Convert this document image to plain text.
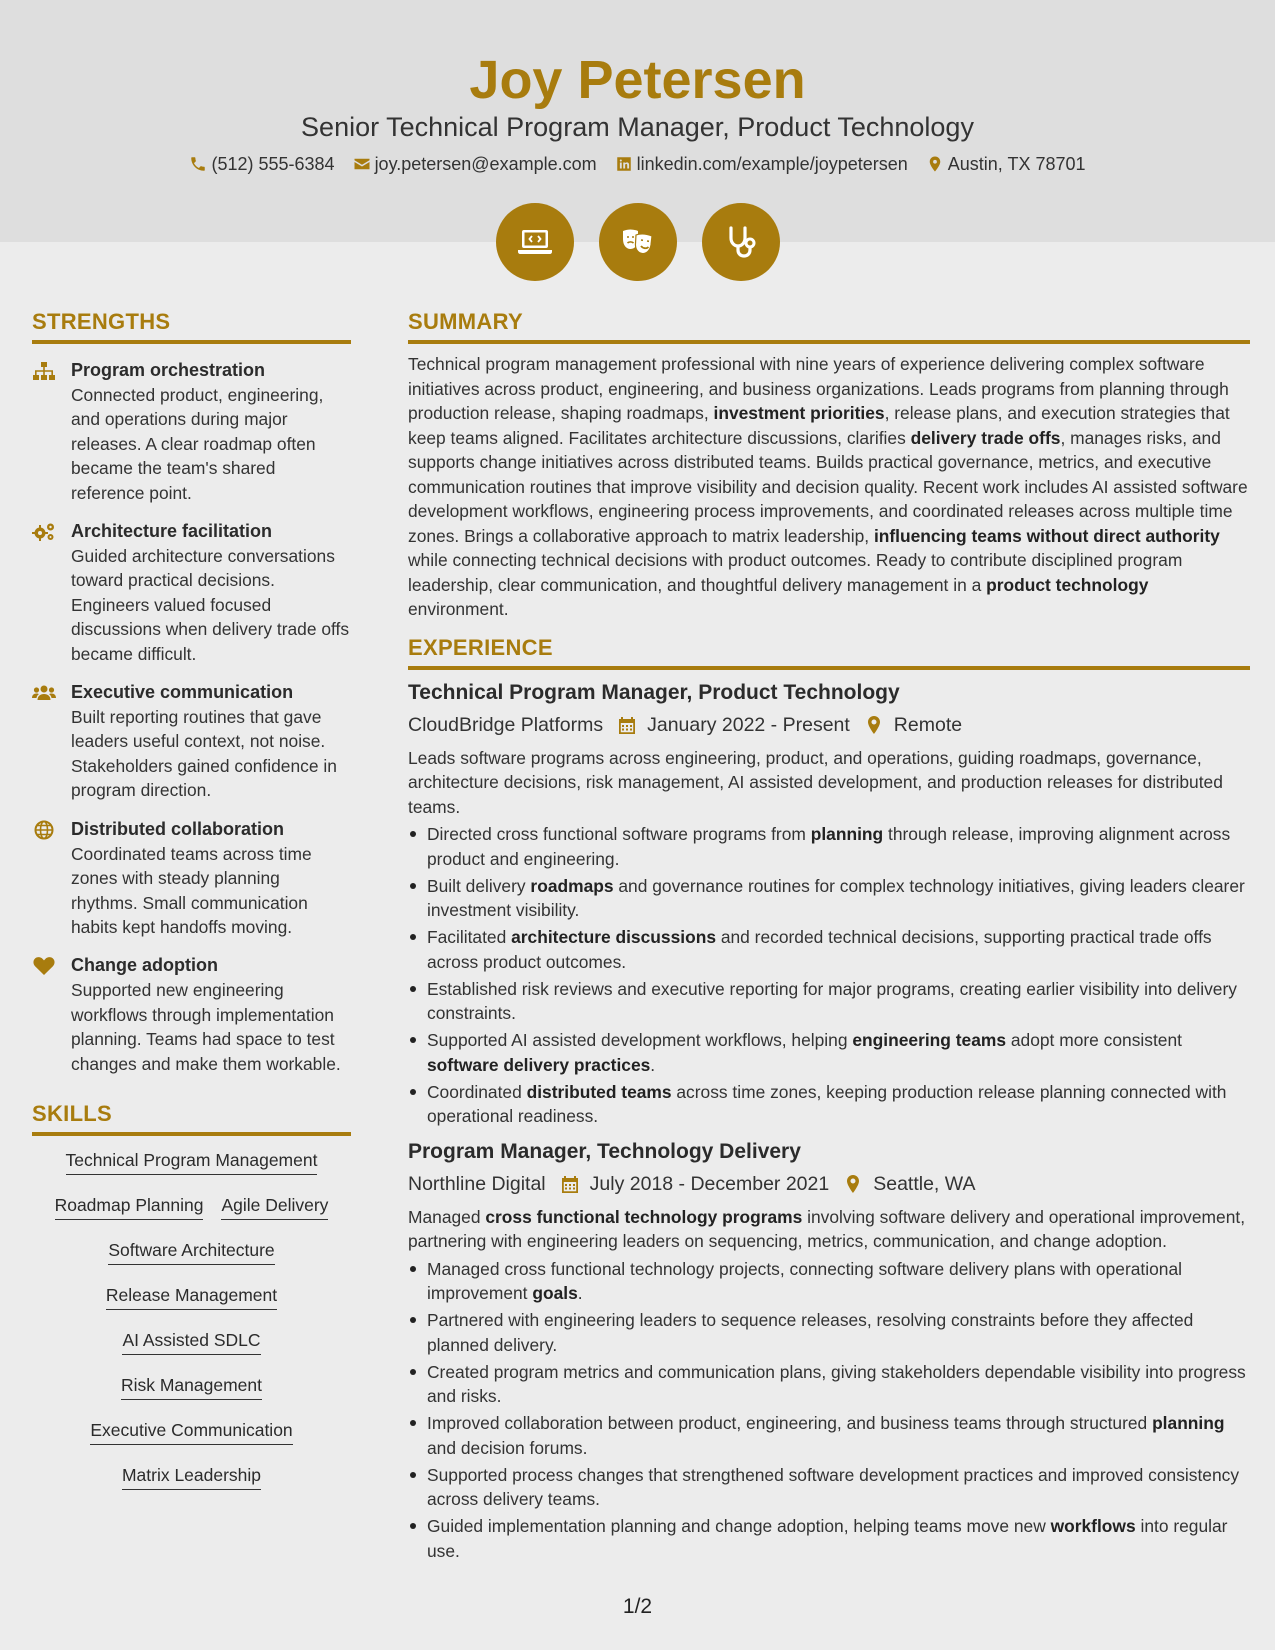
Joy Petersen
Senior Technical Program Manager, Product Technology
(512) 555-6384 joy.petersen@example.com linkedin.com/example/joypetersen Austin, TX 78701
STRENGTHS
Program orchestration
Connected product, engineering, and operations during major releases. A clear roadmap often became the team's shared reference point.
Architecture facilitation
Guided architecture conversations toward practical decisions. Engineers valued focused discussions when delivery trade offs became difficult.
Executive communication
Built reporting routines that gave leaders useful context, not noise. Stakeholders gained confidence in program direction.
Distributed collaboration
Coordinated teams across time zones with steady planning rhythms. Small communication habits kept handoffs moving.
Change adoption
Supported new engineering workflows through implementation planning. Teams had space to test changes and make them workable.
SKILLS
Technical Program Management
Roadmap Planning Agile Delivery
Software Architecture
Release Management
AI Assisted SDLC
Risk Management
Executive Communication
Matrix Leadership
SUMMARY
Technical program management professional with nine years of experience delivering complex software initiatives across product, engineering, and business organizations. Leads programs from planning through production release, shaping roadmaps, investment priorities, release plans, and execution strategies that keep teams aligned. Facilitates architecture discussions, clarifies delivery trade offs, manages risks, and supports change initiatives across distributed teams. Builds practical governance, metrics, and executive communication routines that improve visibility and decision quality. Recent work includes AI assisted software development workflows, engineering process improvements, and coordinated releases across multiple time zones. Brings a collaborative approach to matrix leadership, influencing teams without direct authority while connecting technical decisions with product outcomes. Ready to contribute disciplined program leadership, clear communication, and thoughtful delivery management in a product technology environment.
EXPERIENCE
Technical Program Manager, Product Technology
CloudBridge Platforms January 2022 - Present Remote
Leads software programs across engineering, product, and operations, guiding roadmaps, governance, architecture decisions, risk management, AI assisted development, and production releases for distributed teams.
Directed cross functional software programs from planning through release, improving alignment across product and engineering.
Built delivery roadmaps and governance routines for complex technology initiatives, giving leaders clearer investment visibility.
Facilitated architecture discussions and recorded technical decisions, supporting practical trade offs across product outcomes.
Established risk reviews and executive reporting for major programs, creating earlier visibility into delivery constraints.
Supported AI assisted development workflows, helping engineering teams adopt more consistent software delivery practices.
Coordinated distributed teams across time zones, keeping production release planning connected with operational readiness.
Program Manager, Technology Delivery
Northline Digital July 2018 - December 2021 Seattle, WA
Managed cross functional technology programs involving software delivery and operational improvement, partnering with engineering leaders on sequencing, metrics, communication, and change adoption.
Managed cross functional technology projects, connecting software delivery plans with operational improvement goals.
Partnered with engineering leaders to sequence releases, resolving constraints before they affected planned delivery.
Created program metrics and communication plans, giving stakeholders dependable visibility into progress and risks.
Improved collaboration between product, engineering, and business teams through structured planning and decision forums.
Supported process changes that strengthened software development practices and improved consistency across delivery teams.
Guided implementation planning and change adoption, helping teams move new workflows into regular use.
1/2
